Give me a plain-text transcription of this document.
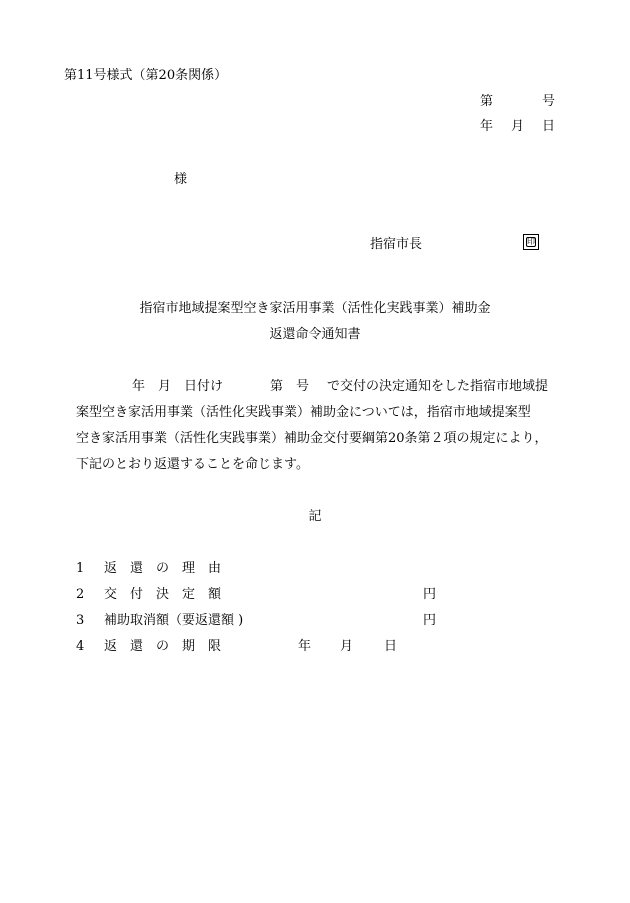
第11号様式（第20条関係）
第	号
年 月 日
様
指宿市長	印
指宿市地域提案型空き家活用事業（活性化実践事業）補助金
返還命令通知書
年　月　日付け	第　号 で交付の決定通知をした指宿市地域提
案型空き家活用事業（活性化実践事業）補助金については，指宿市地域提案型
空き家活用事業（活性化実践事業）補助金交付要綱第20条第２項の規定により，
下記のとおり返還することを命じます。
記
1 返　還　の　理　由
2 交　付　決　定　額	円
3 補助取消額（要返還額 )	円
4 返　還　の　期　限	年 月 日
